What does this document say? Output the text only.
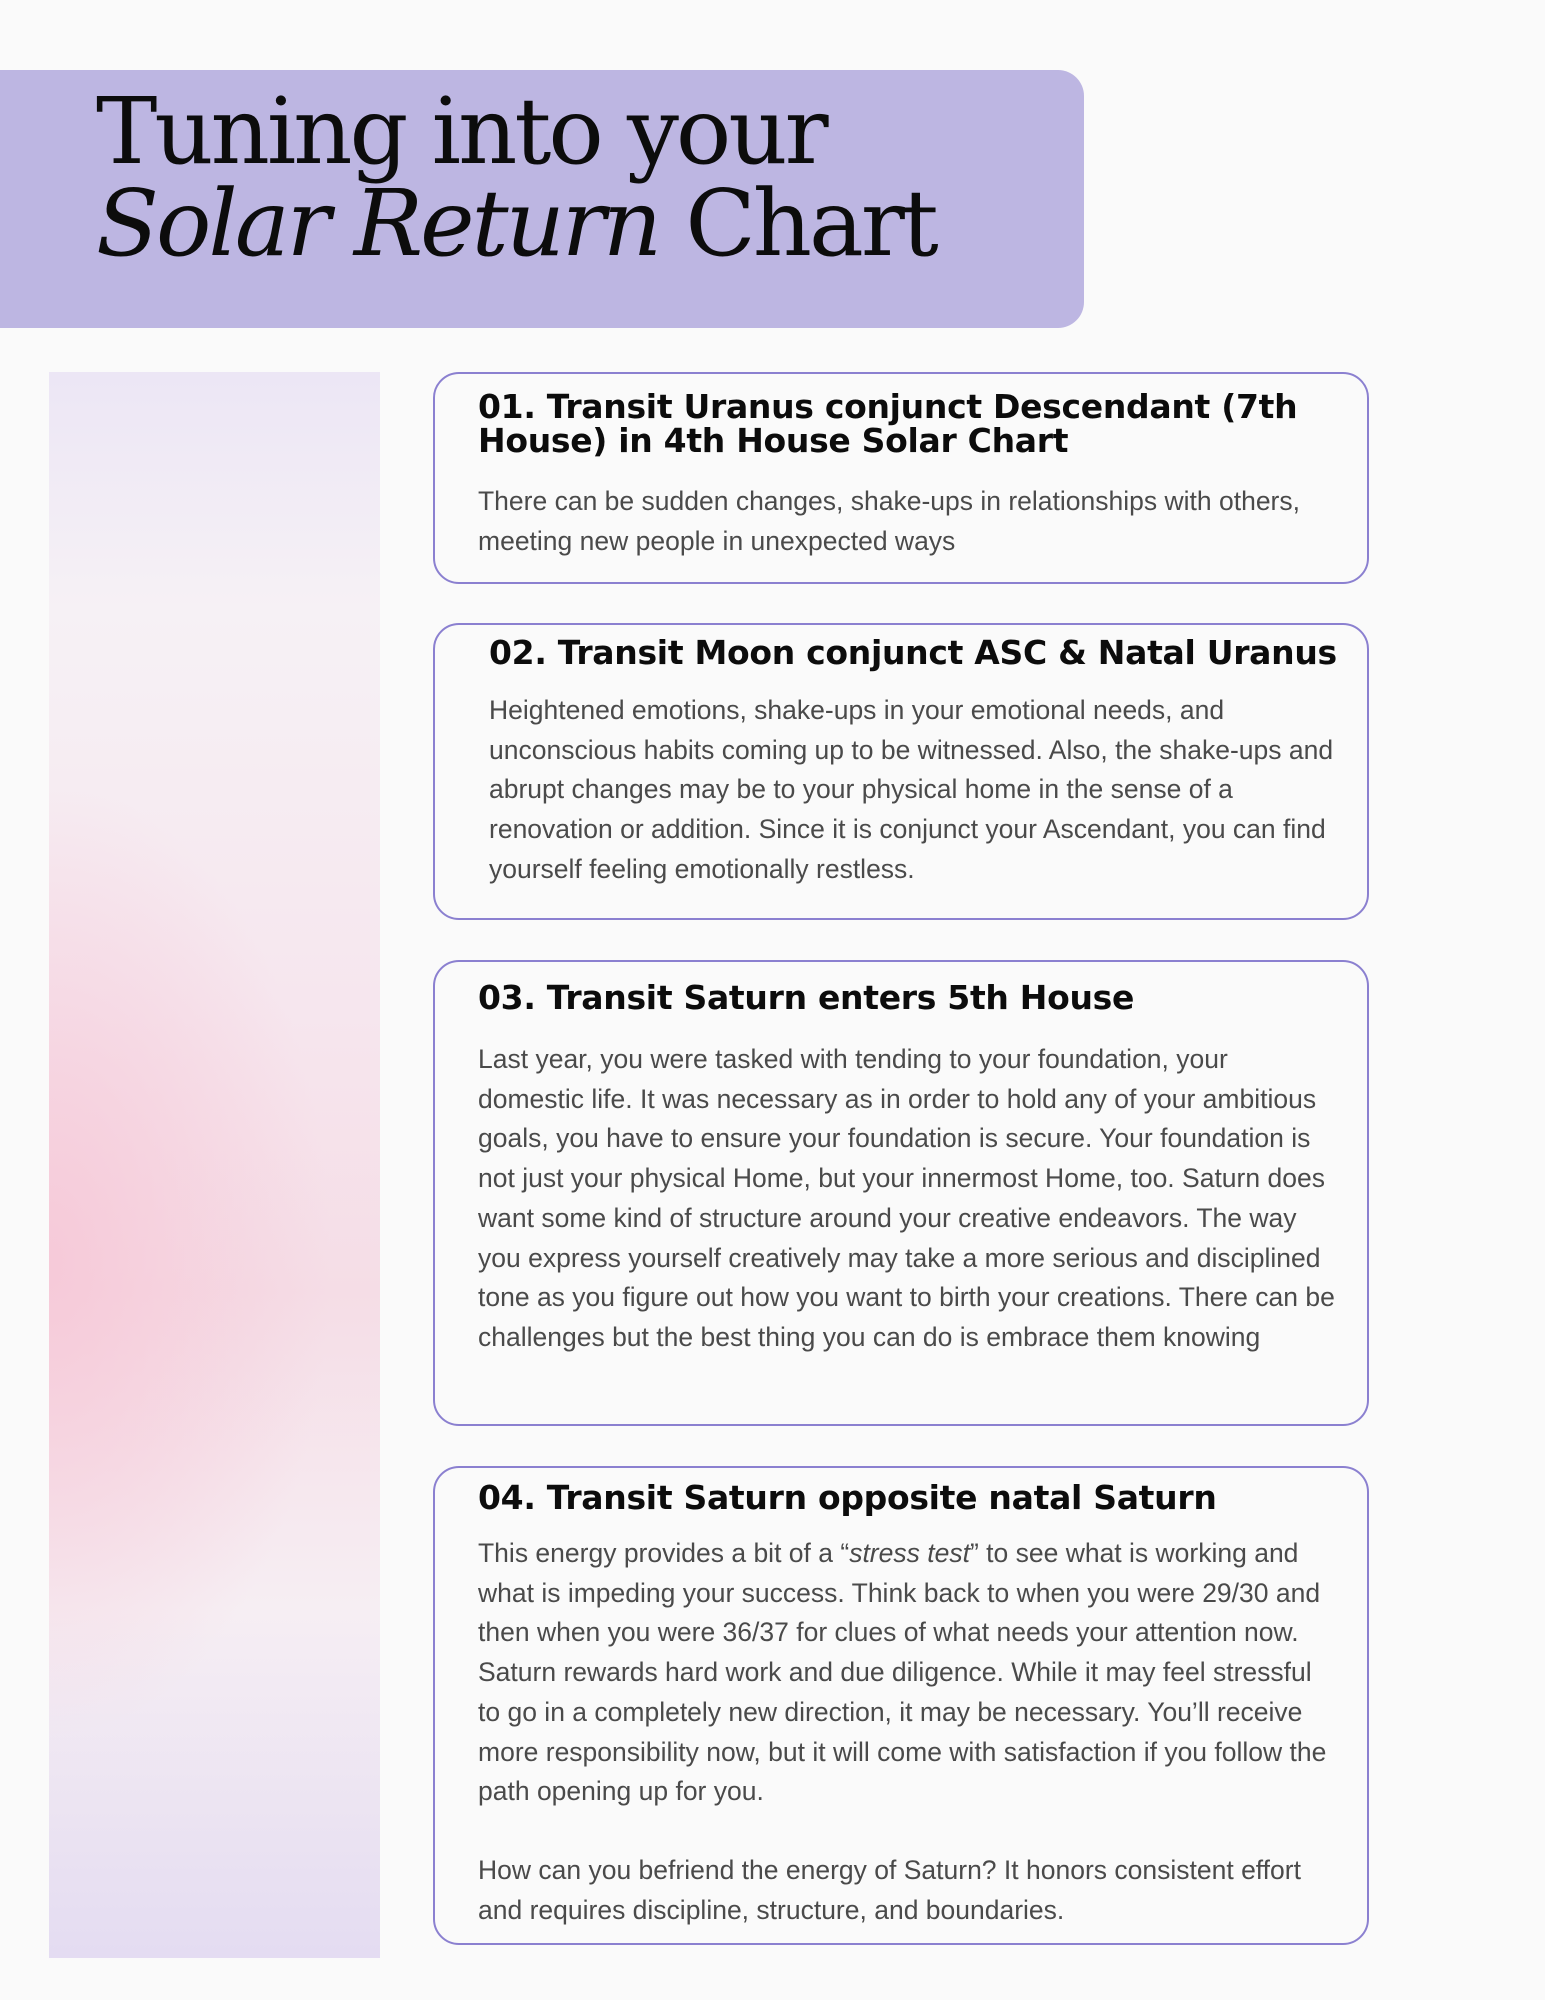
Tuning into your
Solar Return Chart
01. Transit Uranus conjunct Descendant (7th House) in 4th House Solar Chart

There can be sudden changes, shake-ups in relationships with others, meeting new people in unexpected ways

02. Transit Moon conjunct ASC & Natal Uranus

Heightened emotions, shake-ups in your emotional needs, and unconscious habits coming up to be witnessed. Also, the shake-ups and abrupt changes may be to your physical home in the sense of a renovation or addition. Since it is conjunct your Ascendant, you can find yourself feeling emotionally restless.

03. Transit Saturn enters 5th House

Last year, you were tasked with tending to your foundation, your domestic life. It was necessary as in order to hold any of your ambitious goals, you have to ensure your foundation is secure. Your foundation is not just your physical Home, but your innermost Home, too. Saturn does want some kind of structure around your creative endeavors. The way you express yourself creatively may take a more serious and disciplined tone as you figure out how you want to birth your creations. There can be challenges but the best thing you can do is embrace them knowing

04. Transit Saturn opposite natal Saturn

This energy provides a bit of a “stress test” to see what is working and what is impeding your success. Think back to when you were 29/30 and then when you were 36/37 for clues of what needs your attention now. Saturn rewards hard work and due diligence. While it may feel stressful to go in a completely new direction, it may be necessary. You’ll receive more responsibility now, but it will come with satisfaction if you follow the path opening up for you.

How can you befriend the energy of Saturn? It honors consistent effort and requires discipline, structure, and boundaries.
